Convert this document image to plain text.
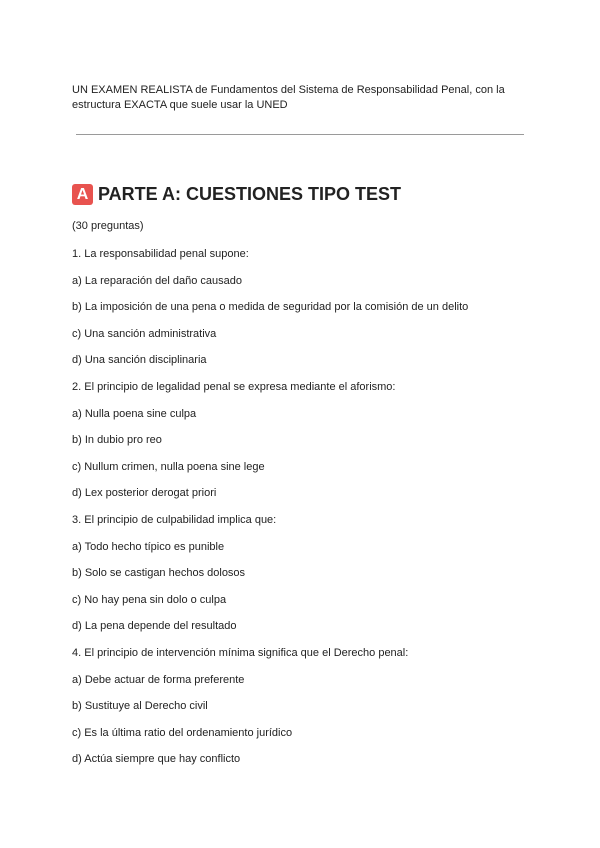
UN EXAMEN REALISTA de Fundamentos del Sistema de Responsabilidad Penal, con la estructura EXACTA que suele usar la UNED
A PARTE A: CUESTIONES TIPO TEST
(30 preguntas)
1. La responsabilidad penal supone:
a) La reparación del daño causado
b) La imposición de una pena o medida de seguridad por la comisión de un delito
c) Una sanción administrativa
d) Una sanción disciplinaria
2. El principio de legalidad penal se expresa mediante el aforismo:
a) Nulla poena sine culpa
b) In dubio pro reo
c) Nullum crimen, nulla poena sine lege
d) Lex posterior derogat priori
3. El principio de culpabilidad implica que:
a) Todo hecho típico es punible
b) Solo se castigan hechos dolosos
c) No hay pena sin dolo o culpa
d) La pena depende del resultado
4. El principio de intervención mínima significa que el Derecho penal:
a) Debe actuar de forma preferente
b) Sustituye al Derecho civil
c) Es la última ratio del ordenamiento jurídico
d) Actúa siempre que hay conflicto
